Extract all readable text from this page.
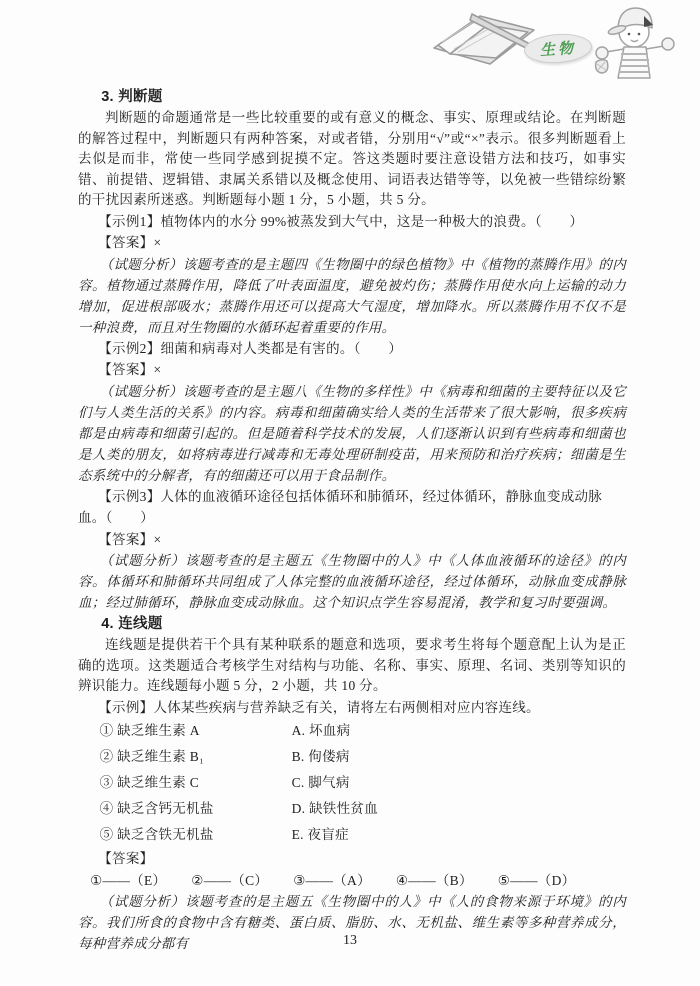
生物

3. 判断题

判断题的命题通常是一些比较重要的或有意义的概念、事实、原理或结论。在判断题的解答过程中，判断题只有两种答案，对或者错，分别用“√”或“×”表示。很多判断题看上去似是而非，常使一些同学感到捉摸不定。答这类题时要注意设错方法和技巧，如事实错、前提错、逻辑错、隶属关系错以及概念使用、词语表达错等等，以免被一些错综纷繁的干扰因素所迷惑。判断题每小题 1 分，5 小题，共 5 分。

【示例1】植物体内的水分 99%被蒸发到大气中，这是一种极大的浪费。（　　）

【答案】×

（试题分析）该题考查的是主题四《生物圈中的绿色植物》中《植物的蒸腾作用》的内容。植物通过蒸腾作用，降低了叶表面温度，避免被灼伤；蒸腾作用使水向上运输的动力增加，促进根部吸水；蒸腾作用还可以提高大气湿度，增加降水。所以蒸腾作用不仅不是一种浪费，而且对生物圈的水循环起着重要的作用。

【示例2】细菌和病毒对人类都是有害的。（　　）

【答案】×

（试题分析）该题考查的是主题八《生物的多样性》中《病毒和细菌的主要特征以及它们与人类生活的关系》的内容。病毒和细菌确实给人类的生活带来了很大影响，很多疾病都是由病毒和细菌引起的。但是随着科学技术的发展，人们逐渐认识到有些病毒和细菌也是人类的朋友，如将病毒进行减毒和无毒处理研制疫苗，用来预防和治疗疾病；细菌是生态系统中的分解者，有的细菌还可以用于食品制作。

【示例3】人体的血液循环途径包括体循环和肺循环，经过体循环，静脉血变成动脉血。（　　）

【答案】×

（试题分析）该题考查的是主题五《生物圈中的人》中《人体血液循环的途径》的内容。体循环和肺循环共同组成了人体完整的血液循环途径，经过体循环，动脉血变成静脉血；经过肺循环，静脉血变成动脉血。这个知识点学生容易混淆，教学和复习时要强调。

4. 连线题

连线题是提供若干个具有某种联系的题意和选项，要求考生将每个题意配上认为是正确的选项。这类题适合考核学生对结构与功能、名称、事实、原理、名词、类别等知识的辨识能力。连线题每小题 5 分，2 小题，共 10 分。

【示例】人体某些疾病与营养缺乏有关，请将左右两侧相对应内容连线。

① 缺乏维生素 A	A. 坏血病
② 缺乏维生素 B₁	B. 佝偻病
③ 缺乏维生素 C	C. 脚气病
④ 缺乏含钙无机盐	D. 缺铁性贫血
⑤ 缺乏含铁无机盐	E. 夜盲症

【答案】

①——（E） ②——（C） ③——（A） ④——（B） ⑤——（D）

（试题分析）该题考查的是主题五《生物圈中的人》中《人的食物来源于环境》的内容。我们所食的食物中含有糖类、蛋白质、脂肪、水、无机盐、维生素等多种营养成分，每种营养成分都有	13
